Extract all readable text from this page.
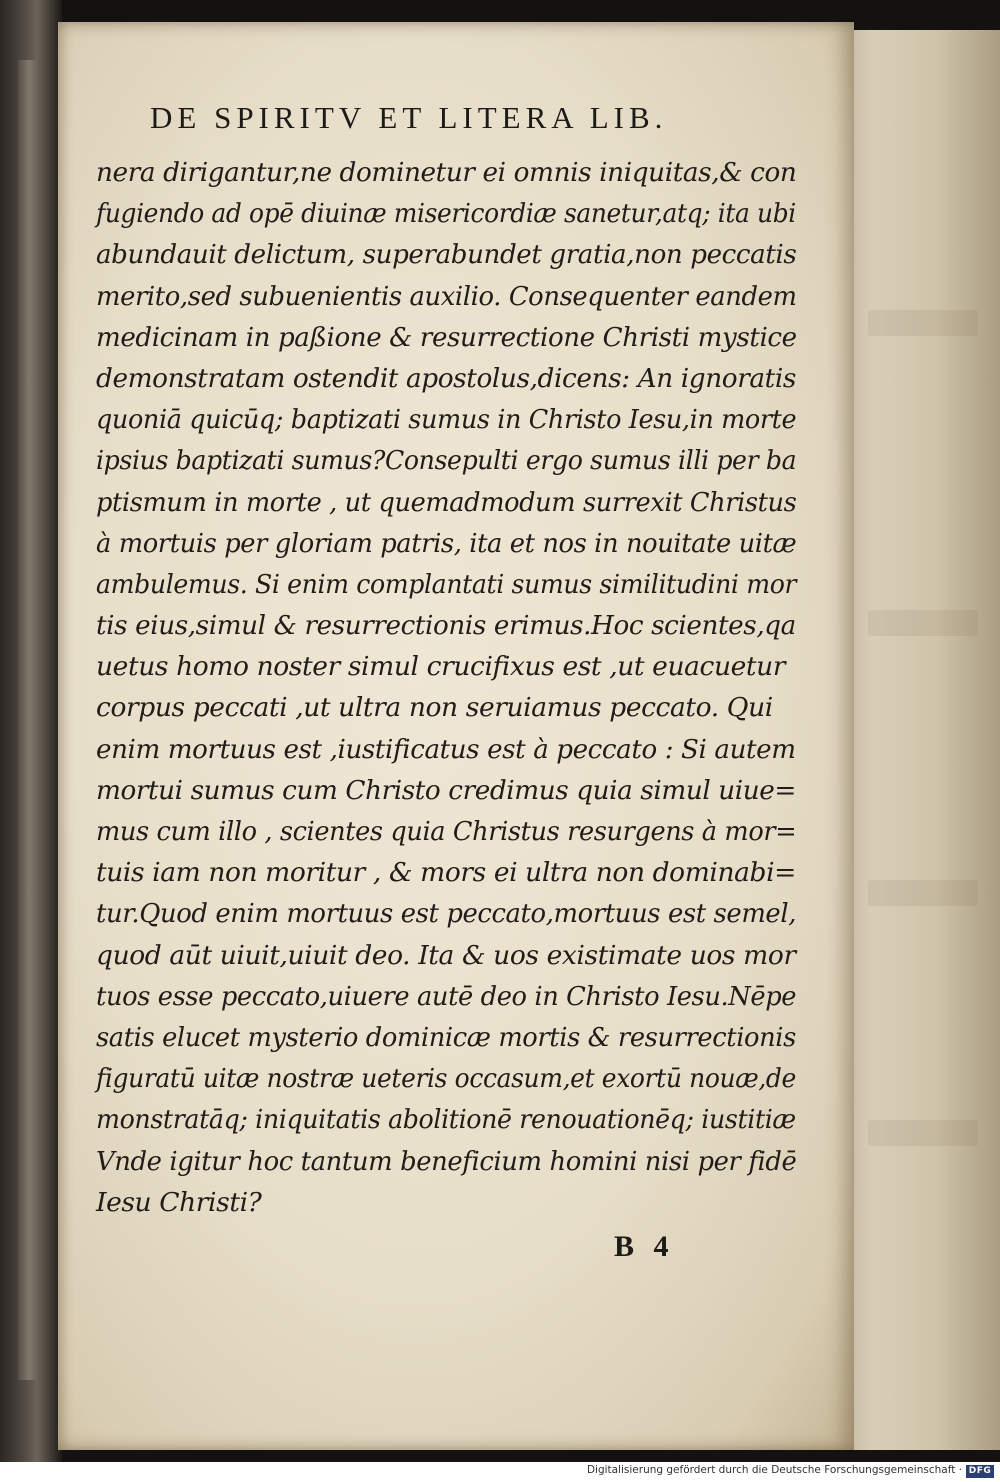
DE SPIRITV ET LITERA LIB.
nera dirigantur,ne dominetur ei omnis iniquitas,& con
fugiendo ad opē diuinæ misericordiæ sanetur,atq; ita ubi
abundauit delictum, superabundet gratia,non peccatis
merito,sed subuenientis auxilio. Consequenter eandem
medicinam in paßione & resurrectione Christi mystice
demonstratam ostendit apostolus,dicens: An ignoratis
quoniā quicūq; baptizati sumus in Christo Iesu,in morte
ipsius baptizati sumus?Consepulti ergo sumus illi per ba
ptismum in morte , ut quemadmodum surrexit Christus
à mortuis per gloriam patris, ita et nos in nouitate uitæ
ambulemus. Si enim complantati sumus similitudini mor
tis eius,simul & resurrectionis erimus.Hoc scientes,qa
uetus homo noster simul crucifixus est ,ut euacuetur
corpus peccati ,ut ultra non seruiamus peccato. Qui
enim mortuus est ,iustificatus est à peccato : Si autem
mortui sumus cum Christo credimus quia simul uiue=
mus cum illo , scientes quia Christus resurgens à mor=
tuis iam non moritur , & mors ei ultra non dominabi=
tur.Quod enim mortuus est peccato,mortuus est semel,
quod aūt uiuit,uiuit deo. Ita & uos existimate uos mor
tuos esse peccato,uiuere autē deo in Christo Iesu.Nēpe
satis elucet mysterio dominicæ mortis & resurrectionis
figuratū uitæ nostræ ueteris occasum,et exortū nouæ,de
monstratāq; iniquitatis abolitionē renouationēq; iustitiæ
Vnde igitur hoc tantum beneficium homini nisi per fidē
Iesu Christi?
B 4
Digitalisierung gefördert durch die Deutsche Forschungsgemeinschaft · DFG
